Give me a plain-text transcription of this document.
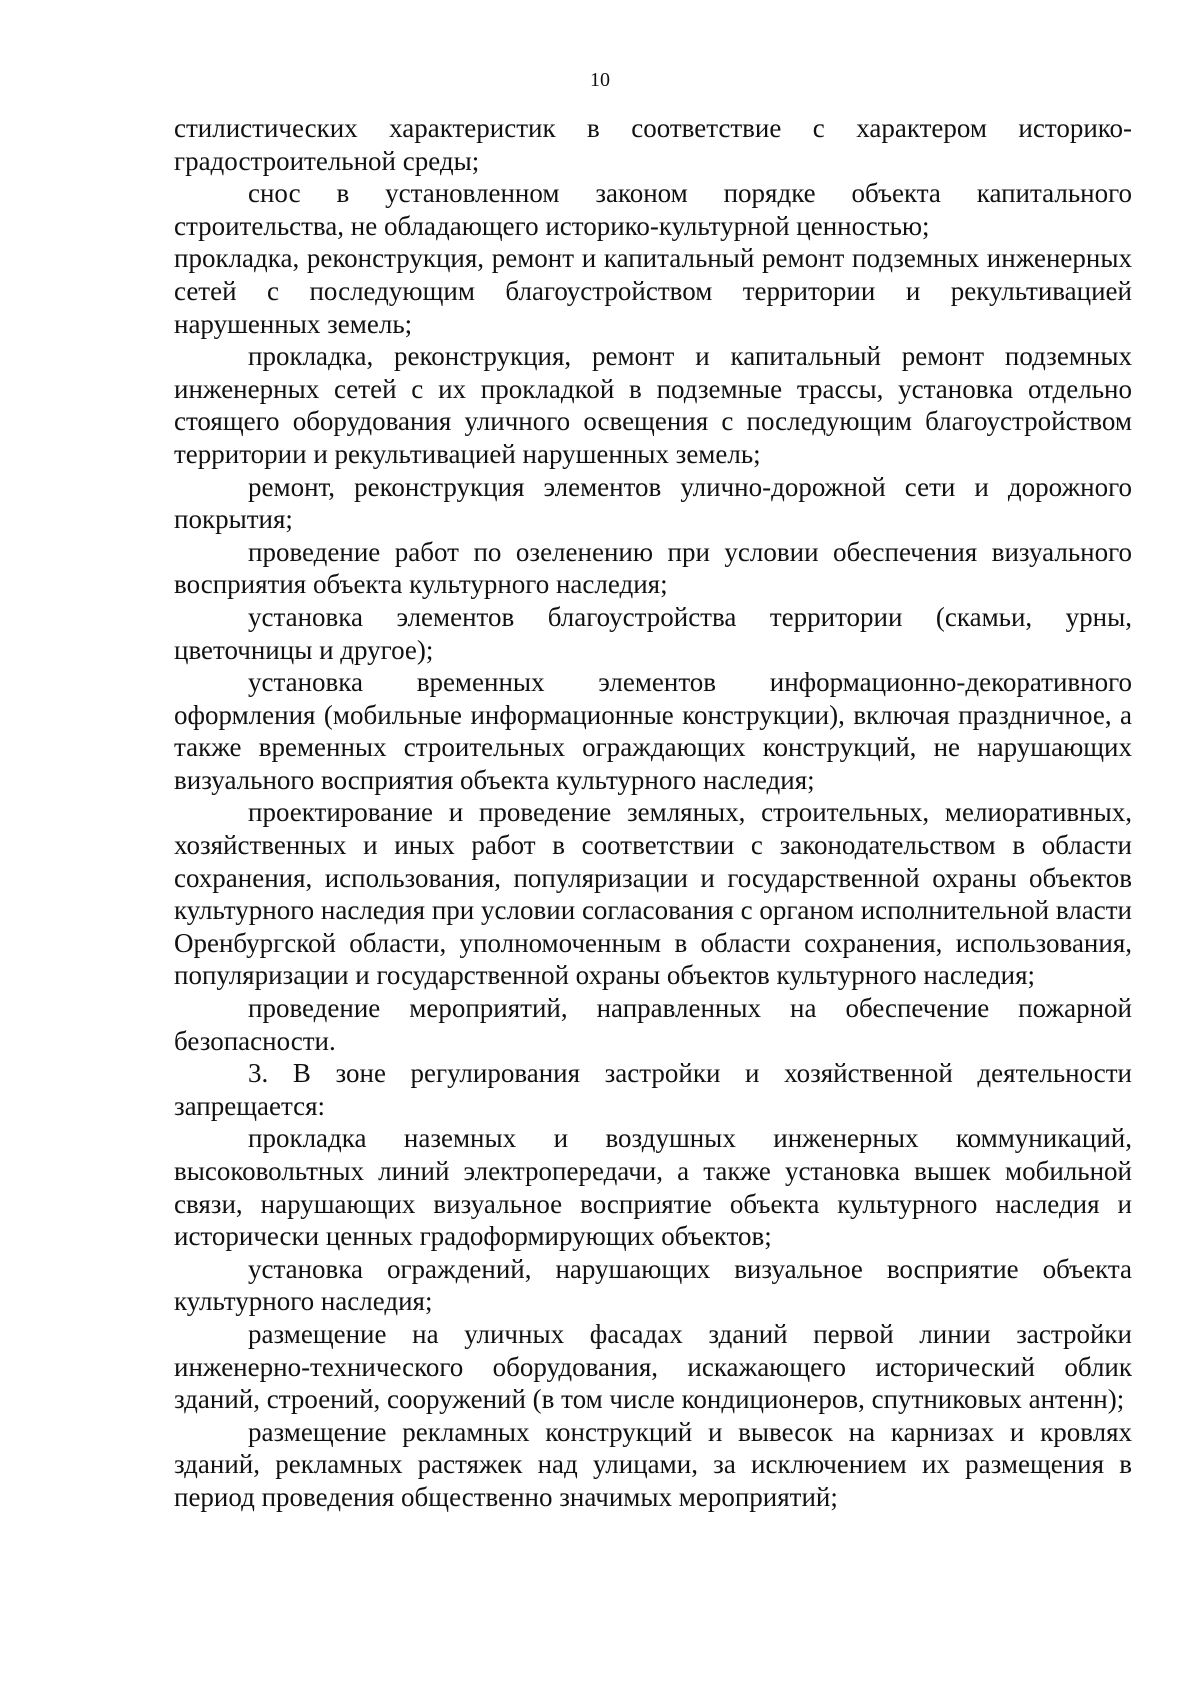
10

стилистических характеристик в соответствие с характером историко-градостроительной среды;

снос в установленном законом порядке объекта капитального строительства, не обладающего историко-культурной ценностью;

прокладка, реконструкция, ремонт и капитальный ремонт подземных инженерных сетей с последующим благоустройством территории и рекультивацией нарушенных земель;

прокладка, реконструкция, ремонт и капитальный ремонт подземных инженерных сетей с их прокладкой в подземные трассы, установка отдельно стоящего оборудования уличного освещения с последующим благоустройством территории и рекультивацией нарушенных земель;

ремонт, реконструкция элементов улично-дорожной сети и дорожного покрытия;

проведение работ по озеленению при условии обеспечения визуального восприятия объекта культурного наследия;

установка элементов благоустройства территории (скамьи, урны, цветочницы и другое);

установка временных элементов информационно-декоративного оформления (мобильные информационные конструкции), включая праздничное, а также временных строительных ограждающих конструкций, не нарушающих визуального восприятия объекта культурного наследия;

проектирование и проведение земляных, строительных, мелиоративных, хозяйственных и иных работ в соответствии с законодательством в области сохранения, использования, популяризации и государственной охраны объектов культурного наследия при условии согласования с органом исполнительной власти Оренбургской области, уполномоченным в области сохранения, использования, популяризации и государственной охраны объектов культурного наследия;

проведение мероприятий, направленных на обеспечение пожарной безопасности.

3. В зоне регулирования застройки и хозяйственной деятельности запрещается:

прокладка наземных и воздушных инженерных коммуникаций, высоковольтных линий электропередачи, а также установка вышек мобильной связи, нарушающих визуальное восприятие объекта культурного наследия и исторически ценных градоформирующих объектов;

установка ограждений, нарушающих визуальное восприятие объекта культурного наследия;

размещение на уличных фасадах зданий первой линии застройки инженерно-технического оборудования, искажающего исторический облик зданий, строений, сооружений (в том числе кондиционеров, спутниковых антенн);

размещение рекламных конструкций и вывесок на карнизах и кровлях зданий, рекламных растяжек над улицами, за исключением их размещения в период проведения общественно значимых мероприятий;
